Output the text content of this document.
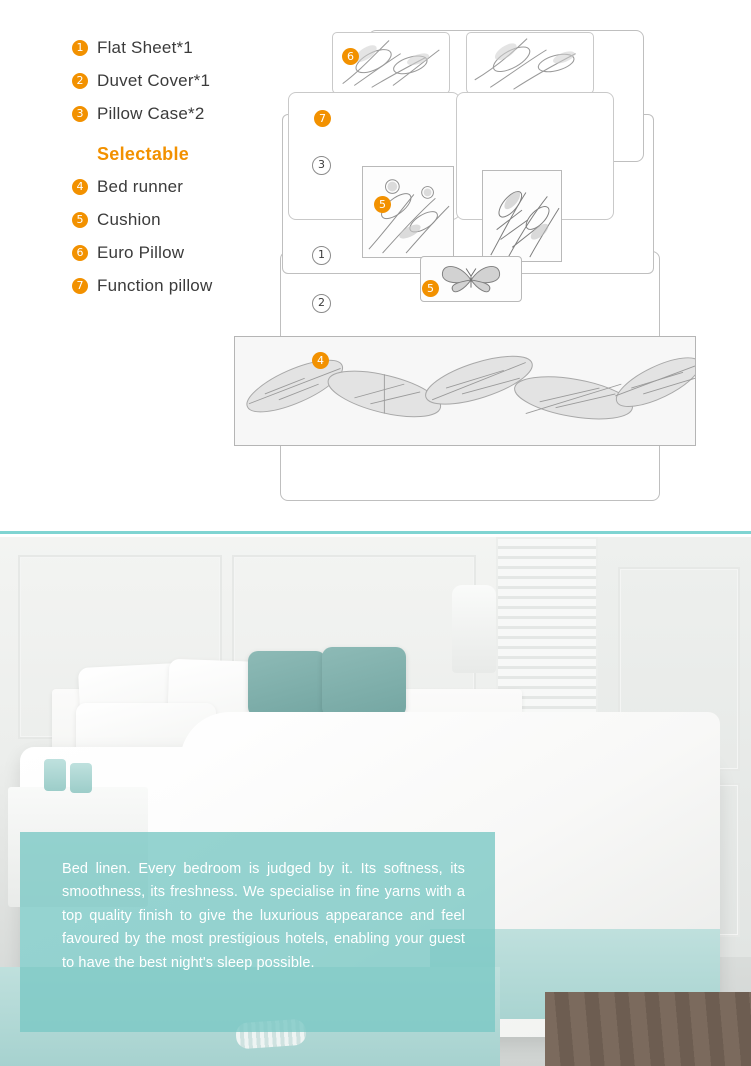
1 Flat Sheet*1
2 Duvet Cover*1
3 Pillow Case*2
Selectable
4 Bed runner
5 Cushion
6 Euro Pillow
7 Function pillow
6
7
3
5
1
2
5
4

Bed linen. Every bedroom is judged by it. Its softness, its smoothness, its freshness. We specialise in fine yarns with a top quality finish to give the luxurious appearance and feel favoured by the most prestigious hotels, enabling your guest to have the best night's sleep possible.
